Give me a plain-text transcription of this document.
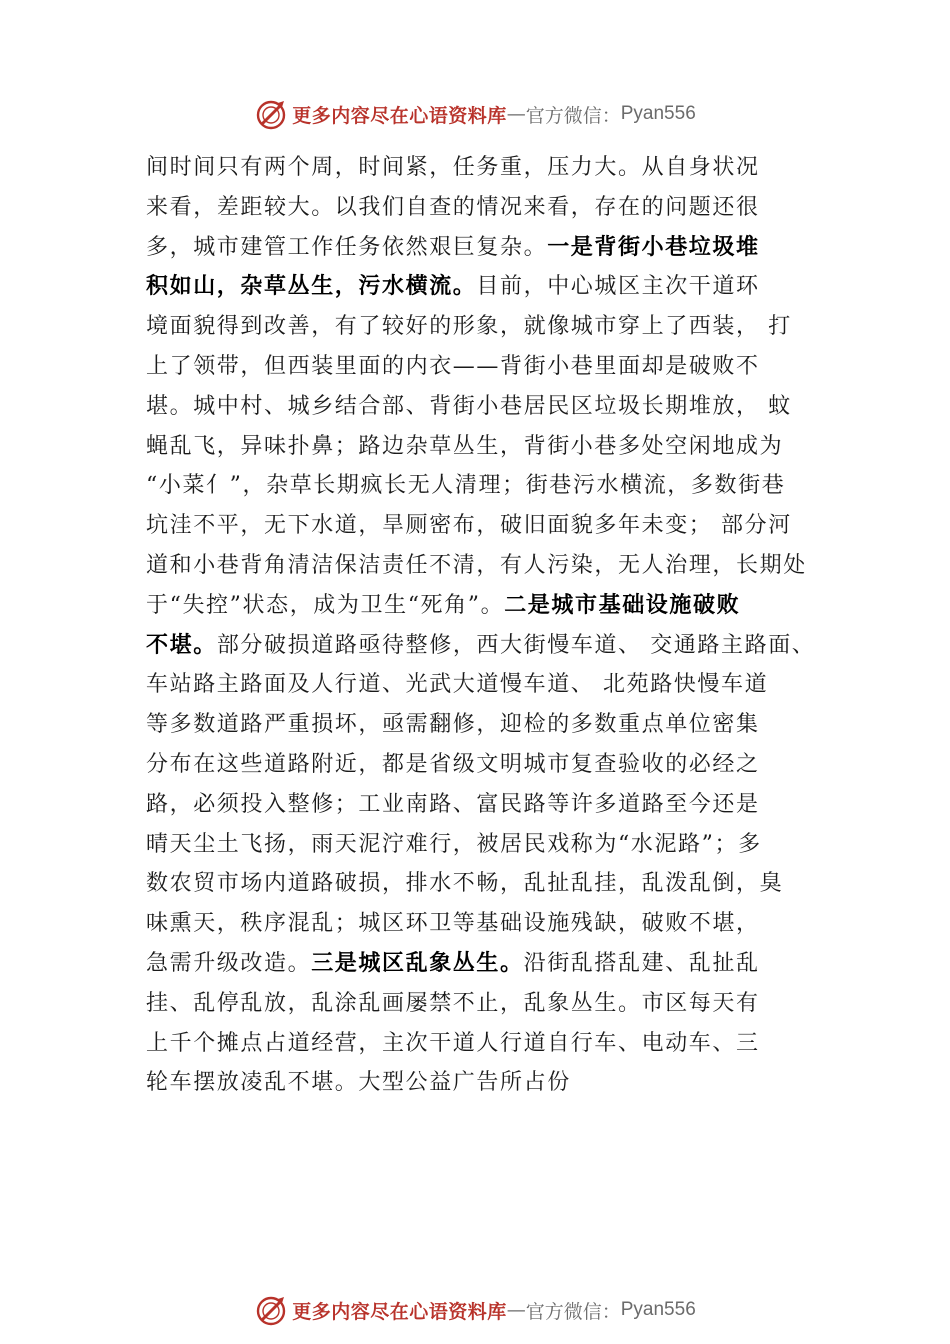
更多内容尽在心语资料库 — 官方微信： Pyan556
间时间只有两个周，时间紧，任务重，压力大。从自身状况
来看，差距较大。以我们自查的情况来看，存在的问题还很
多，城市建管工作任务依然艰巨复杂。一是背街小巷垃圾堆
积如山，杂草丛生，污水横流。目前，中心城区主次干道环
境面貌得到改善，有了较好的形象，就像城市穿上了西装， 打
上了领带，但西装里面的内衣——背街小巷里面却是破败不
堪。城中村、城乡结合部、背街小巷居民区垃圾长期堆放， 蚊
蝇乱飞，异味扑鼻；路边杂草丛生，背街小巷多处空闲地成为
“小菜⺅”，杂草长期疯长无人清理；街巷污水横流，多数街巷
坑洼不平，无下水道，旱厕密布，破旧面貌多年未变； 部分河
道和小巷背角清洁保洁责任不清，有人污染，无人治理，长期处
于“失控”状态，成为卫生“死角”。二是城市基础设施破败
不堪。部分破损道路亟待整修，西大街慢车道、 交通路主路面、
车站路主路面及人行道、光武大道慢车道、 北苑路快慢车道
等多数道路严重损坏，亟需翻修，迎检的多数重点单位密集
分布在这些道路附近，都是省级文明城市复查验收的必经之
路，必须投入整修；工业南路、富民路等许多道路至今还是
晴天尘土飞扬，雨天泥泞难行，被居民戏称为“水泥路”；多
数农贸市场内道路破损，排水不畅，乱扯乱挂，乱泼乱倒，臭
味熏天，秩序混乱；城区环卫等基础设施残缺，破败不堪，
急需升级改造。三是城区乱象丛生。沿街乱搭乱建、乱扯乱
挂、乱停乱放，乱涂乱画屡禁不止，乱象丛生。市区每天有
上千个摊点占道经营，主次干道人行道自行车、电动车、三
轮车摆放凌乱不堪。大型公益广告所占份
更多内容尽在心语资料库 — 官方微信： Pyan556
